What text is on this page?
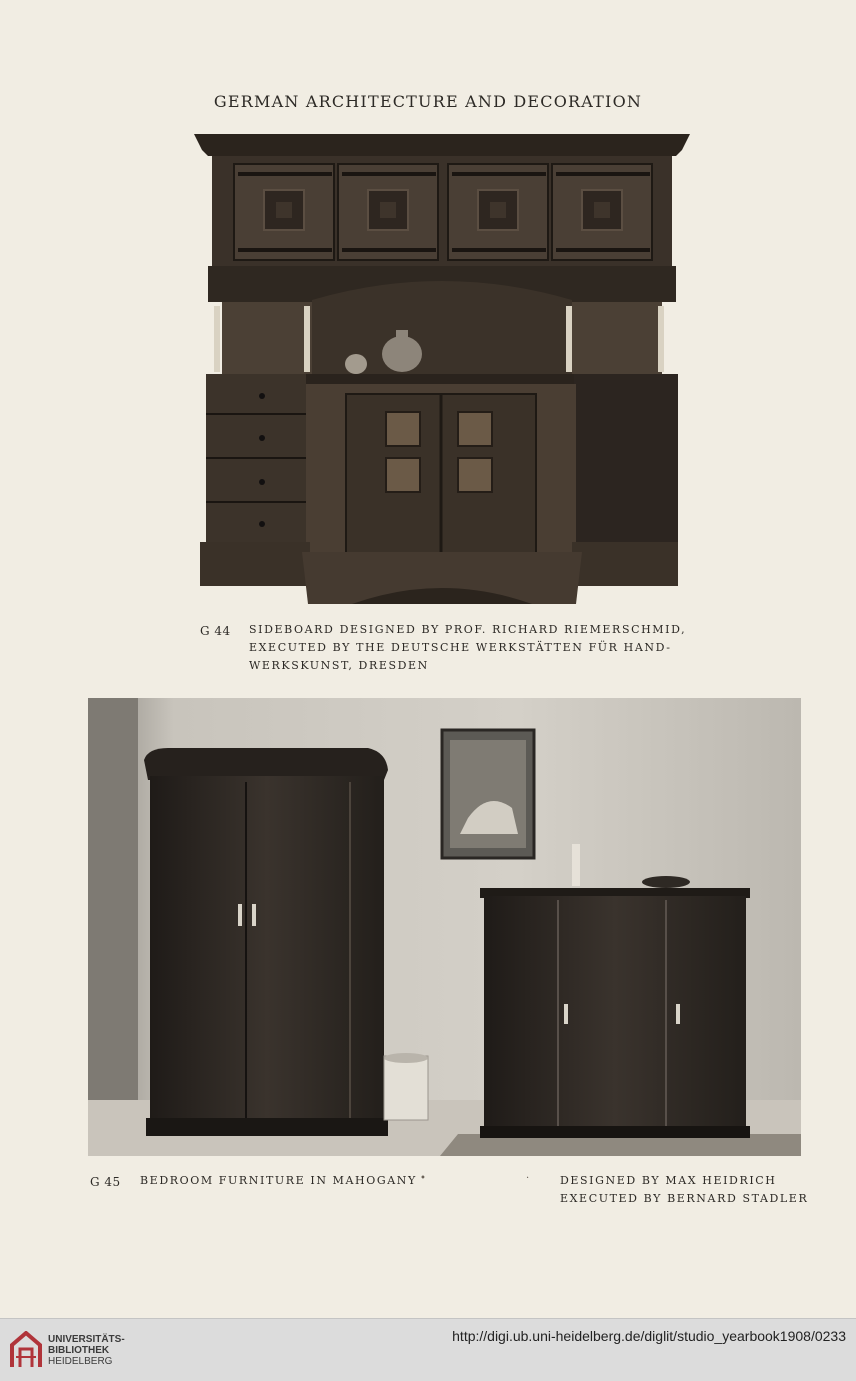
GERMAN ARCHITECTURE AND DECORATION
G 44 SIDEBOARD DESIGNED BY PROF. RICHARD RIEMERSCHMID,
EXECUTED BY THE DEUTSCHE WERKSTÄTTEN FÜR HAND-
WERKSKUNST, DRESDEN
G 45 BEDROOM FURNITURE IN MAHOGANY •	·	DESIGNED BY MAX HEIDRICH
EXECUTED BY BERNARD STADLER
UNIVERSITÄTS-
BIBLIOTHEK
HEIDELBERG
http://digi.ub.uni-heidelberg.de/diglit/studio_yearbook1908/0233
